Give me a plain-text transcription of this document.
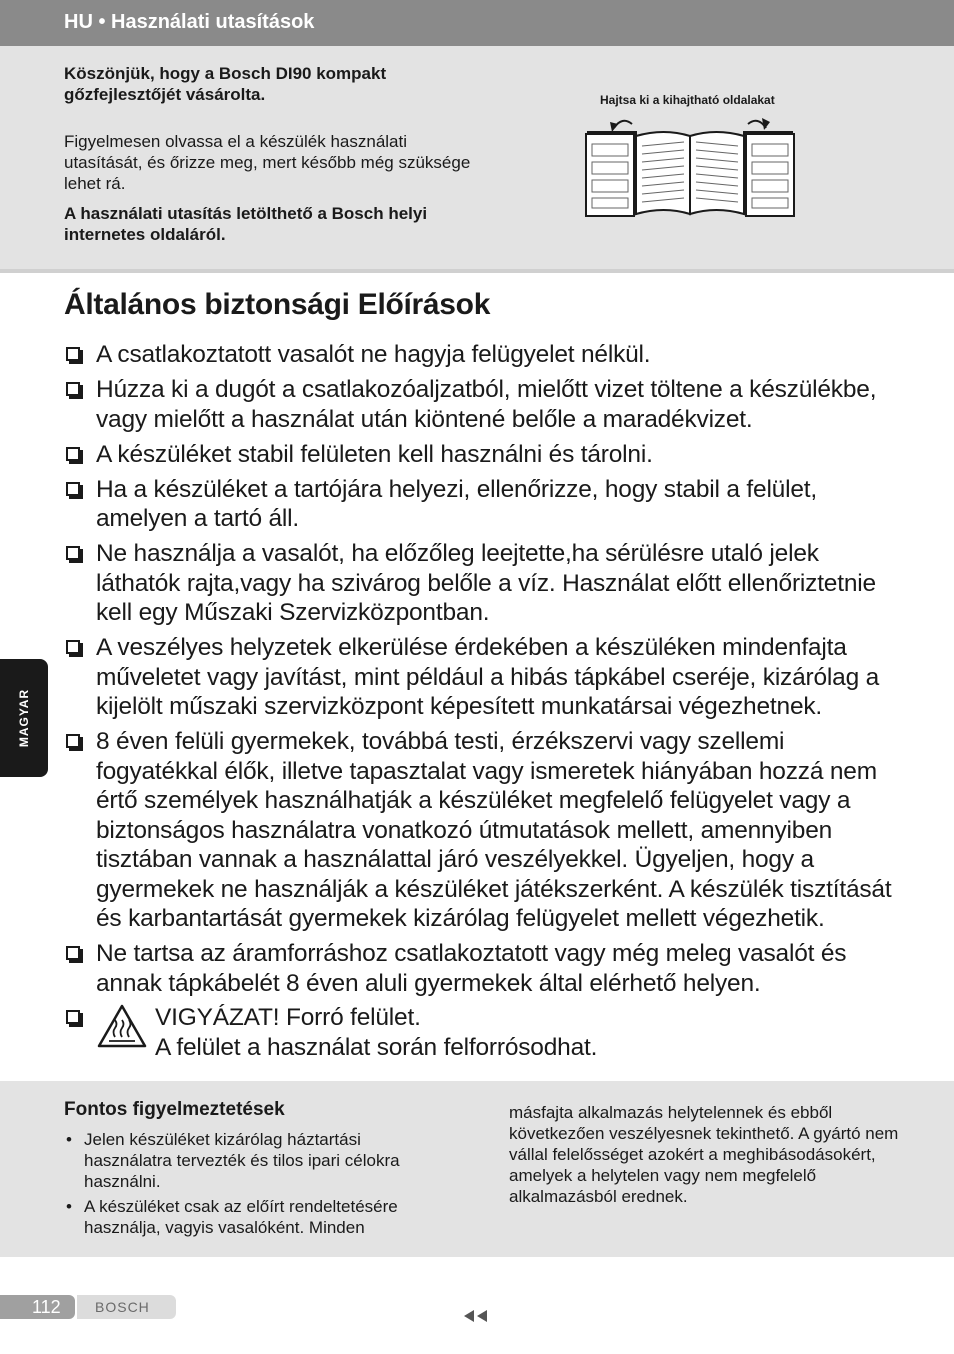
HU • Használati utasítások

Köszönjük, hogy a Bosch DI90 kompakt gőzfejlesztőjét vásárolta.

Figyelmesen olvassa el a készülék használati utasítását, és őrizze meg, mert később még szüksége lehet rá.

A használati utasítás letölthető a Bosch helyi internetes oldaláról.

Hajtsa ki a kihajtható oldalakat
Általános biztonsági Előírások
A csatlakoztatott vasalót ne hagyja felügyelet nélkül.
Húzza ki a dugót a csatlakozóaljzatból, mielőtt vizet töltene a készülékbe, vagy mielőtt a használat után kiöntené belőle a maradékvizet.
A készüléket stabil felületen kell használni és tárolni.
Ha a készüléket a tartójára helyezi, ellenőrizze, hogy stabil a felület, amelyen a tartó áll.
Ne használja a vasalót, ha előzőleg leejtette,ha sérülésre utaló jelek láthatók rajta,vagy ha szivárog belőle a víz. Használat előtt ellenőriztetnie kell egy Műszaki Szervizközpontban.
A veszélyes helyzetek elkerülése érdekében a készüléken mindenfajta műveletet vagy javítást, mint például a hibás tápkábel cseréje, kizárólag a kijelölt műszaki szervizközpont képesített munkatársai végezhetnek.
8 éven felüli gyermekek, továbbá testi, érzékszervi vagy szellemi fogyatékkal élők, illetve tapasztalat vagy ismeretek hiányában hozzá nem értő személyek használhatják a készüléket megfelelő felügyelet vagy a biztonságos használatra vonatkozó útmutatások mellett, amennyiben tisztában vannak a használattal járó veszélyekkel. Ügyeljen, hogy a gyermekek ne használják a készüléket játékszerként. A készülék tisztítását és karbantartását gyermekek kizárólag felügyelet mellett végezhetik.
Ne tartsa az áramforráshoz csatlakoztatott vagy még meleg vasalót és annak tápkábelét 8 éven aluli gyermekek által elérhető helyen.
VIGYÁZAT! Forró felület.
A felület a használat során felforrósodhat.
Fontos figyelmeztetések
• Jelen készüléket kizárólag háztartási használatra tervezték és tilos ipari célokra használni.
• A készüléket csak az előírt rendeltetésére használja, vagyis vasalóként. Minden

másfajta alkalmazás helytelennek és ebből következően veszélyesnek tekinthető. A gyártó nem vállal felelősséget azokért a meghibásodásokért, amelyek a helytelen vagy nem megfelelő alkalmazásból erednek.

MAGYAR
112 BOSCH
